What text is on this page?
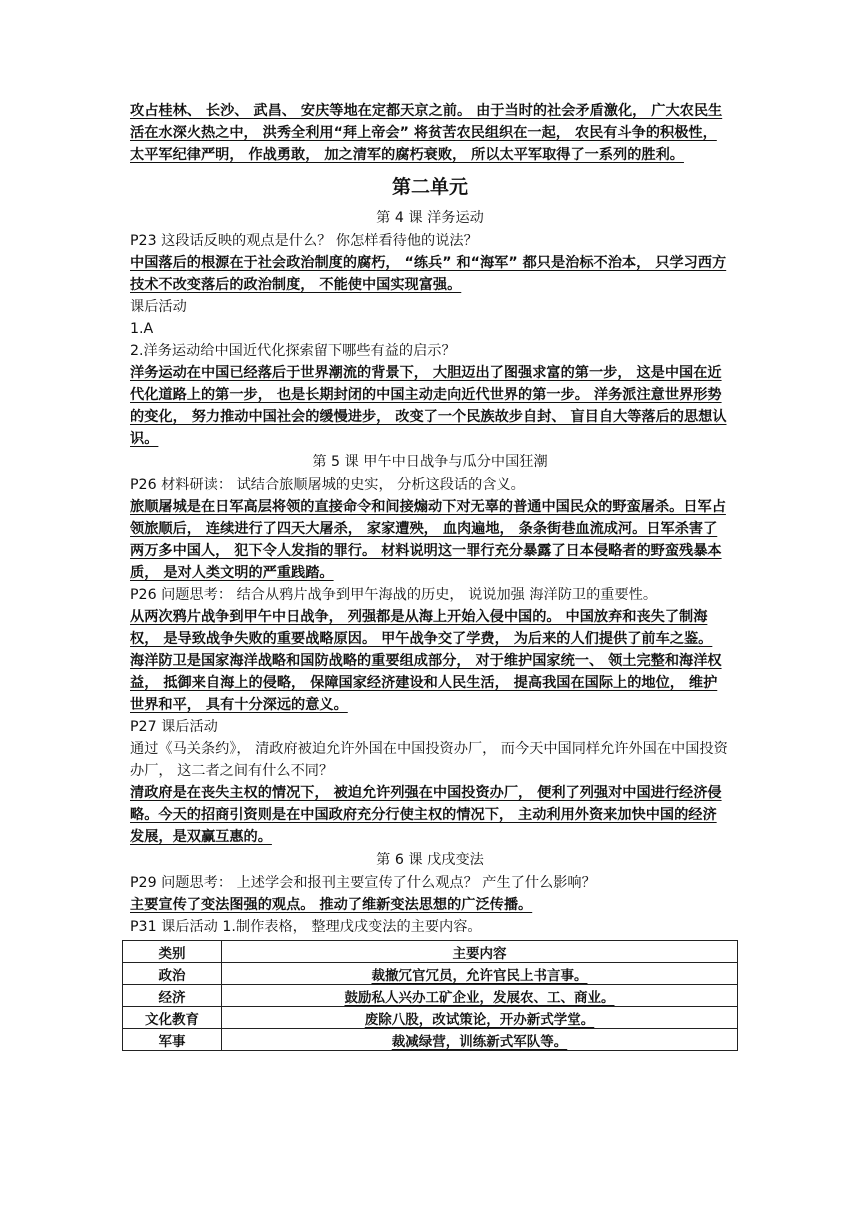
攻占桂林、 长沙、 武昌、 安庆等地在定都天京之前。 由于当时的社会矛盾激化， 广大农民生活在水深火热之中， 洪秀全利用“拜上帝会” 将贫苦农民组织在一起， 农民有斗争的积极性， 太平军纪律严明， 作战勇敢， 加之清军的腐朽衰败， 所以太平军取得了一系列的胜利。
第二单元
第 4 课 洋务运动
P23 这段话反映的观点是什么？ 你怎样看待他的说法？
中国落后的根源在于社会政治制度的腐朽， “练兵” 和“海军” 都只是治标不治本， 只学习西方技术不改变落后的政治制度， 不能使中国实现富强。
课后活动
1.A
2.洋务运动给中国近代化探索留下哪些有益的启示？
洋务运动在中国已经落后于世界潮流的背景下， 大胆迈出了图强求富的第一步， 这是中国在近代化道路上的第一步， 也是长期封闭的中国主动走向近代世界的第一步。 洋务派注意世界形势的变化， 努力推动中国社会的缓慢进步， 改变了一个民族故步自封、 盲目自大等落后的思想认识。
第 5 课 甲午中日战争与瓜分中国狂潮
P26 材料研读： 试结合旅顺屠城的史实， 分析这段话的含义。
旅顺屠城是在日军高层将领的直接命令和间接煽动下对无辜的普通中国民众的野蛮屠杀。日军占领旅顺后， 连续进行了四天大屠杀， 家家遭殃， 血肉遍地， 条条街巷血流成河。日军杀害了两万多中国人， 犯下令人发指的罪行。 材料说明这一罪行充分暴露了日本侵略者的野蛮残暴本质， 是对人类文明的严重践踏。
P26 问题思考： 结合从鸦片战争到甲午海战的历史， 说说加强 海洋防卫的重要性。
从两次鸦片战争到甲午中日战争， 列强都是从海上开始入侵中国的。 中国放弃和丧失了制海权， 是导致战争失败的重要战略原因。 甲午战争交了学费， 为后来的人们提供了前车之鉴。 海洋防卫是国家海洋战略和国防战略的重要组成部分， 对于维护国家统一、 领土完整和海洋权益， 抵御来自海上的侵略， 保障国家经济建设和人民生活， 提高我国在国际上的地位， 维护世界和平， 具有十分深远的意义。
P27 课后活动
通过《马关条约》， 清政府被迫允许外国在中国投资办厂， 而今天中国同样允许外国在中国投资办厂， 这二者之间有什么不同？
清政府是在丧失主权的情况下， 被迫允许列强在中国投资办厂， 便利了列强对中国进行经济侵略。今天的招商引资则是在中国政府充分行使主权的情况下， 主动利用外资来加快中国的经济发展，是双赢互惠的。
第 6 课 戊戌变法
P29 问题思考： 上述学会和报刊主要宣传了什么观点？ 产生了什么影响？
主要宣传了变法图强的观点。 推动了维新变法思想的广泛传播。
P31 课后活动 1.制作表格， 整理戊戌变法的主要内容。
类别	主要内容
政治	裁撤冗官冗员，允许官民上书言事。
经济	鼓励私人兴办工矿企业，发展农、工、商业。
文化教育	废除八股，改试策论，开办新式学堂。
军事	裁减绿营，训练新式军队等。
